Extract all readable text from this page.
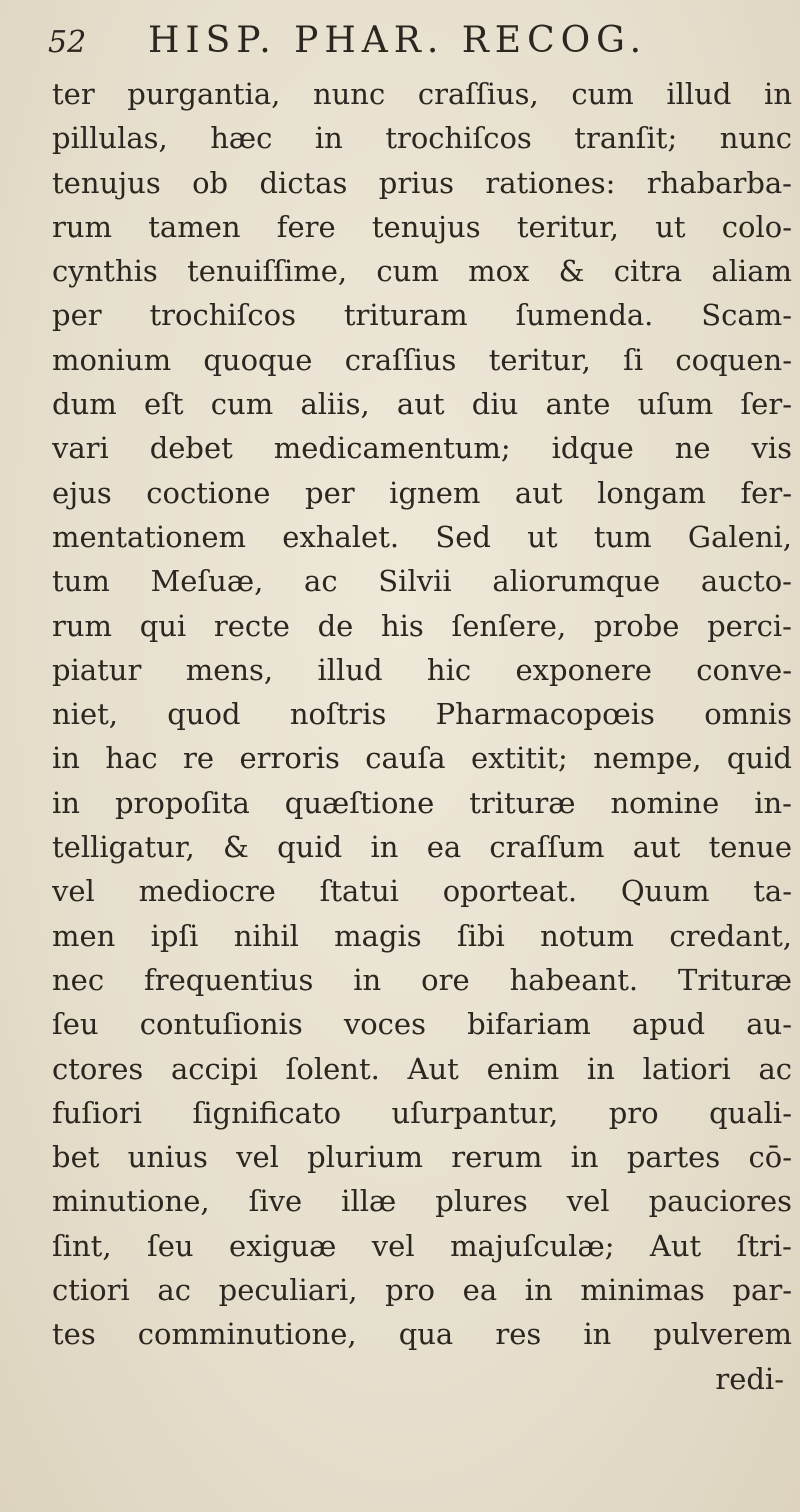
52	HISP. PHAR. RECOG.
ter purgantia, nunc craſſius, cum illud in
pillulas, hæc in trochiſcos tranſit; nunc
tenujus ob dictas prius rationes: rhabarba-
rum tamen fere tenujus teritur, ut colo-
cynthis tenuiſſime, cum mox & citra aliam
per trochiſcos trituram ſumenda. Scam-
monium quoque craſſius teritur, ſi coquen-
dum eſt cum aliis, aut diu ante uſum ſer-
vari debet medicamentum; idque ne vis
ejus coctione per ignem aut longam fer-
mentationem exhalet. Sed ut tum Galeni,
tum Meſuæ, ac Silvii aliorumque aucto-
rum qui recte de his ſenſere, probe perci-
piatur mens, illud hic exponere conve-
niet, quod noſtris Pharmacopœis omnis
in hac re erroris cauſa extitit; nempe, quid
in propoſita quæſtione trituræ nomine in-
telligatur, & quid in ea craſſum aut tenue
vel mediocre ſtatui oporteat. Quum ta-
men ipſi nihil magis ſibi notum credant,
nec frequentius in ore habeant. Trituræ
ſeu contuſionis voces bifariam apud au-
ctores accipi ſolent. Aut enim in latiori ac
fuſiori ſignificato uſurpantur, pro quali-
bet unius vel plurium rerum in partes cō-
minutione, ſive illæ plures vel pauciores
ſint, ſeu exiguæ vel majuſculæ; Aut ſtri-
ctiori ac peculiari, pro ea in minimas par-
tes comminutione, qua res in pulverem
redi-
